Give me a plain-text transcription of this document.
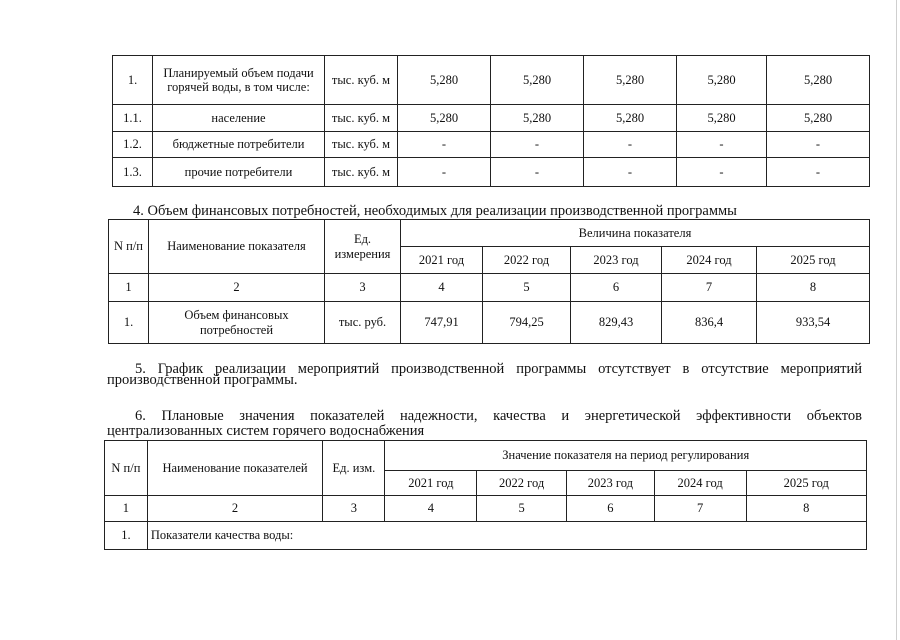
1.	Планируемый объем подачи горячей воды, в том числе:	тыс. куб. м	5,280	5,280	5,280	5,280	5,280
1.1.	население	тыс. куб. м	5,280	5,280	5,280	5,280	5,280
1.2.	бюджетные потребители	тыс. куб. м	-	-	-	-	-
1.3.	прочие потребители	тыс. куб. м	-	-	-	-	-

4. Объем финансовых потребностей, необходимых для реализации производственной программы

N п/п	Наименование показателя	Ед. измерения	Величина показателя				
			2021 год	2022 год	2023 год	2024 год	2025 год
1	2	3	4	5	6	7	8
1.	Объем финансовых потребностей	тыс. руб.	747,91	794,25	829,43	836,4	933,54

5. График реализации мероприятий производственной программы отсутствует в отсутствие мероприятий

производственной программы.

6. Плановые значения показателей надежности, качества и энергетической эффективности объектов

централизованных систем горячего водоснабжения

N п/п	Наименование показателей	Ед. изм.	Значение показателя на период регулирования				
			2021 год	2022 год	2023 год	2024 год	2025 год
1	2	3	4	5	6	7	8
1.	Показатели качества воды:						
